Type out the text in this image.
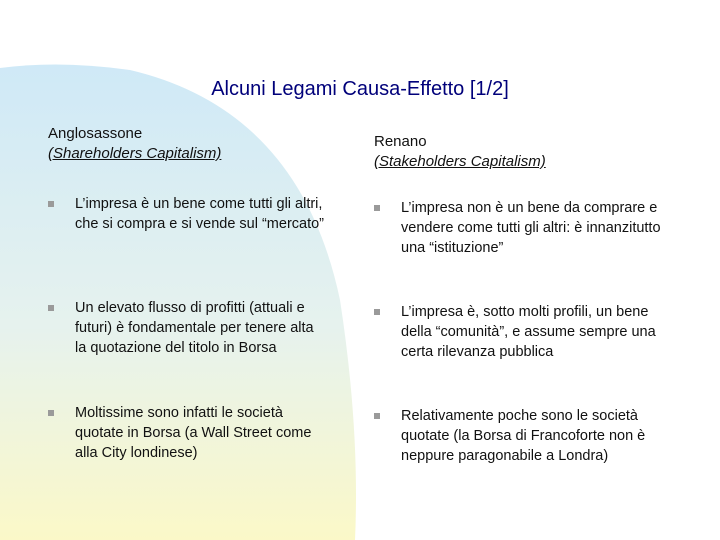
Alcuni Legami Causa-Effetto [1/2]
Anglosassone
(Shareholders Capitalism)
L’impresa è un bene come tutti gli altri, che si compra e si vende sul “mercato”
Un elevato flusso di profitti (attuali e futuri) è fondamentale per tenere alta la quotazione del titolo in Borsa
Moltissime sono infatti le società quotate in Borsa (a Wall Street come alla City londinese)
Renano
(Stakeholders Capitalism)
L’impresa non è un bene da comprare e vendere come tutti gli altri: è innanzitutto una “istituzione”
L’impresa è, sotto molti profili, un bene della “comunità”, e assume sempre una certa rilevanza pubblica
Relativamente poche sono le società quotate (la Borsa di Francoforte non è neppure paragonabile a Londra)
